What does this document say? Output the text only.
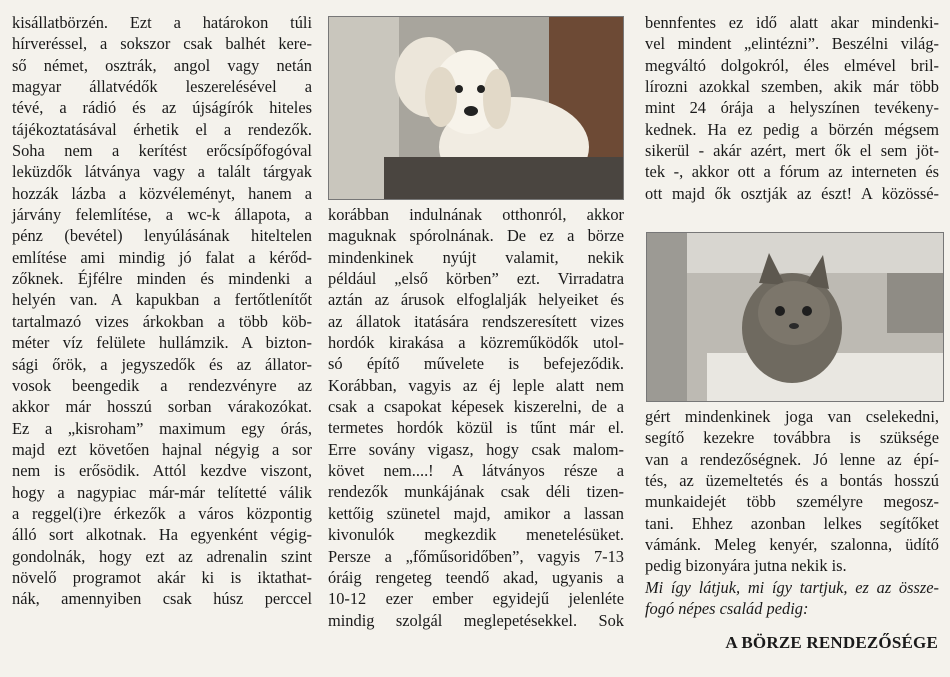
kisállatbörzén. Ezt a határokon túli
hírveréssel, a sokszor csak balhét kere-
ső német, osztrák, angol vagy netán
magyar állatvédők leszerelésével a
tévé, a rádió és az újságírók hiteles
tájékoztatásával érhetik el a rendezők.
Soha nem a kerítést erőcsípőfogóval
leküzdők látványa vagy a talált tárgyak
hozzák lázba a közvéleményt, hanem a
járvány felemlítése, a wc-k állapota, a
pénz (bevétel) lenyúlásának hiteltelen
említése ami mindig jó falat a kérőd-
zőknek. Éjfélre minden és mindenki a
helyén van. A kapukban a fertőtlenítőt
tartalmazó vizes árkokban a több köb-
méter víz felülete hullámzik. A bizton-
sági őrök, a jegyszedők és az állator-
vosok beengedik a rendezvényre az
akkor már hosszú sorban várakozókat.
Ez a „kisroham” maximum egy órás,
majd ezt követően hajnal négyig a sor
nem is erősödik. Attól kezdve viszont,
hogy a nagypiac már-már telítetté válik
a reggel(i)re érkezők a város központig
álló sort alkotnak. Ha egyenként végig-
gondolnák, hogy ezt az adrenalin szint
növelő programot akár ki is iktathat-
nák, amennyiben csak húsz perccel
korábban indulnának otthonról, akkor
maguknak spórolnának. De ez a börze
mindenkinek nyújt valamit, nekik
például „első körben” ezt. Virradatra
aztán az árusok elfoglalják helyeiket és
az állatok itatására rendszeresített vizes
hordók kirakása a közreműködők utol-
só építő művelete is befejeződik.
Korábban, vagyis az éj leple alatt nem
csak a csapokat képesek kiszerelni, de a
termetes hordók közül is tűnt már el.
Erre sovány vigasz, hogy csak malom-
követ nem....! A látványos része a
rendezők munkájának csak déli tizen-
kettőig szünetel majd, amikor a lassan
kivonulók megkezdik menetelésüket.
Persze a „főműsoridőben”, vagyis 7-13
óráig rengeteg teendő akad, ugyanis a
10-12 ezer ember egyidejű jelenléte
mindig szolgál meglepetésekkel. Sok
bennfentes ez idő alatt akar mindenki-
vel mindent „elintézni”. Beszélni világ-
megváltó dolgokról, éles elmével bril-
lírozni azokkal szemben, akik már több
mint 24 órája a helyszínen tevékeny-
kednek. Ha ez pedig a börzén mégsem
sikerül - akár azért, mert ők el sem jöt-
tek -, akkor ott a fórum az interneten és
ott majd ők osztják az észt! A közössé-
gért mindenkinek joga van cselekedni,
segítő kezekre továbbra is szüksége
van a rendezőségnek. Jó lenne az épí-
tés, az üzemeltetés és a bontás hosszú
munkaidejét több személyre megosz-
tani. Ehhez azonban lelkes segítőket
vámánk. Meleg kenyér, szalonna, üdítő
pedig bizonyára jutna nekik is.
Mi így látjuk, mi így tartjuk, ez az össze-
fogó népes család pedig:
A BÖRZE RENDEZŐSÉGE
